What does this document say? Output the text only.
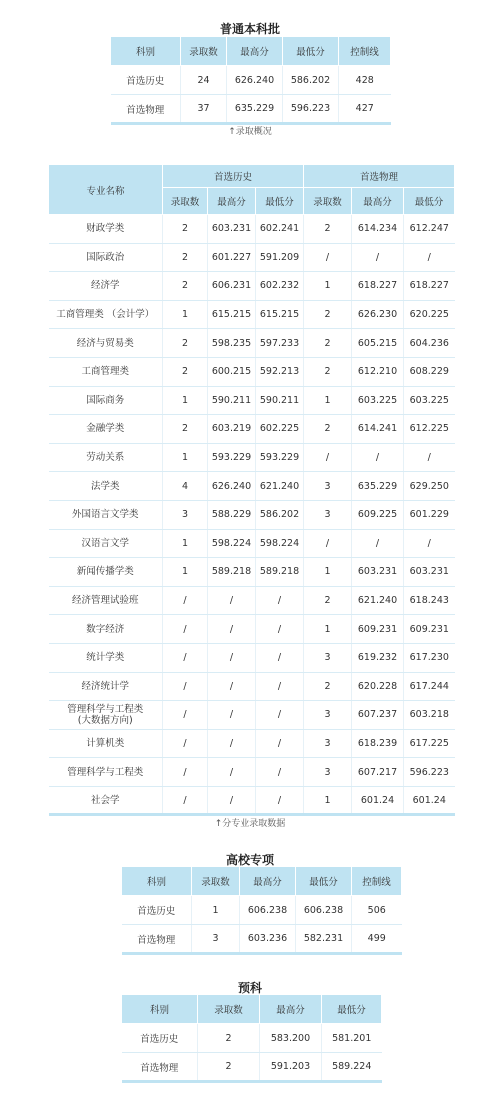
普通本科批
科别	录取数	最高分	最低分	控制线
首选历史	24	626.240	586.202	428
首选物理	37	635.229	596.223	427
↑录取概况
专业名称	首选历史			首选物理		
	录取数	最高分	最低分	录取数	最高分	最低分
财政学类	2	603.231	602.241	2	614.234	612.247
国际政治	2	601.227	591.209	/	/	/
经济学	2	606.231	602.232	1	618.227	618.227
工商管理类 （会计学）	1	615.215	615.215	2	626.230	620.225
经济与贸易类	2	598.235	597.233	2	605.215	604.236
工商管理类	2	600.215	592.213	2	612.210	608.229
国际商务	1	590.211	590.211	1	603.225	603.225
金融学类	2	603.219	602.225	2	614.241	612.225
劳动关系	1	593.229	593.229	/	/	/
法学类	4	626.240	621.240	3	635.229	629.250
外国语言文学类	3	588.229	586.202	3	609.225	601.229
汉语言文学	1	598.224	598.224	/	/	/
新闻传播学类	1	589.218	589.218	1	603.231	603.231
经济管理试验班	/	/	/	2	621.240	618.243
数字经济	/	/	/	1	609.231	609.231
统计学类	/	/	/	3	619.232	617.230
经济统计学	/	/	/	2	620.228	617.244
管理科学与工程类
(大数据方向)	/	/	/	3	607.237	603.218
计算机类	/	/	/	3	618.239	617.225
管理科学与工程类	/	/	/	3	607.217	596.223
社会学	/	/	/	1	601.24	601.24
↑分专业录取数据
高校专项
科别	录取数	最高分	最低分	控制线
首选历史	1	606.238	606.238	506
首选物理	3	603.236	582.231	499
预科
科别	录取数	最高分	最低分
首选历史	2	583.200	581.201
首选物理	2	591.203	589.224
